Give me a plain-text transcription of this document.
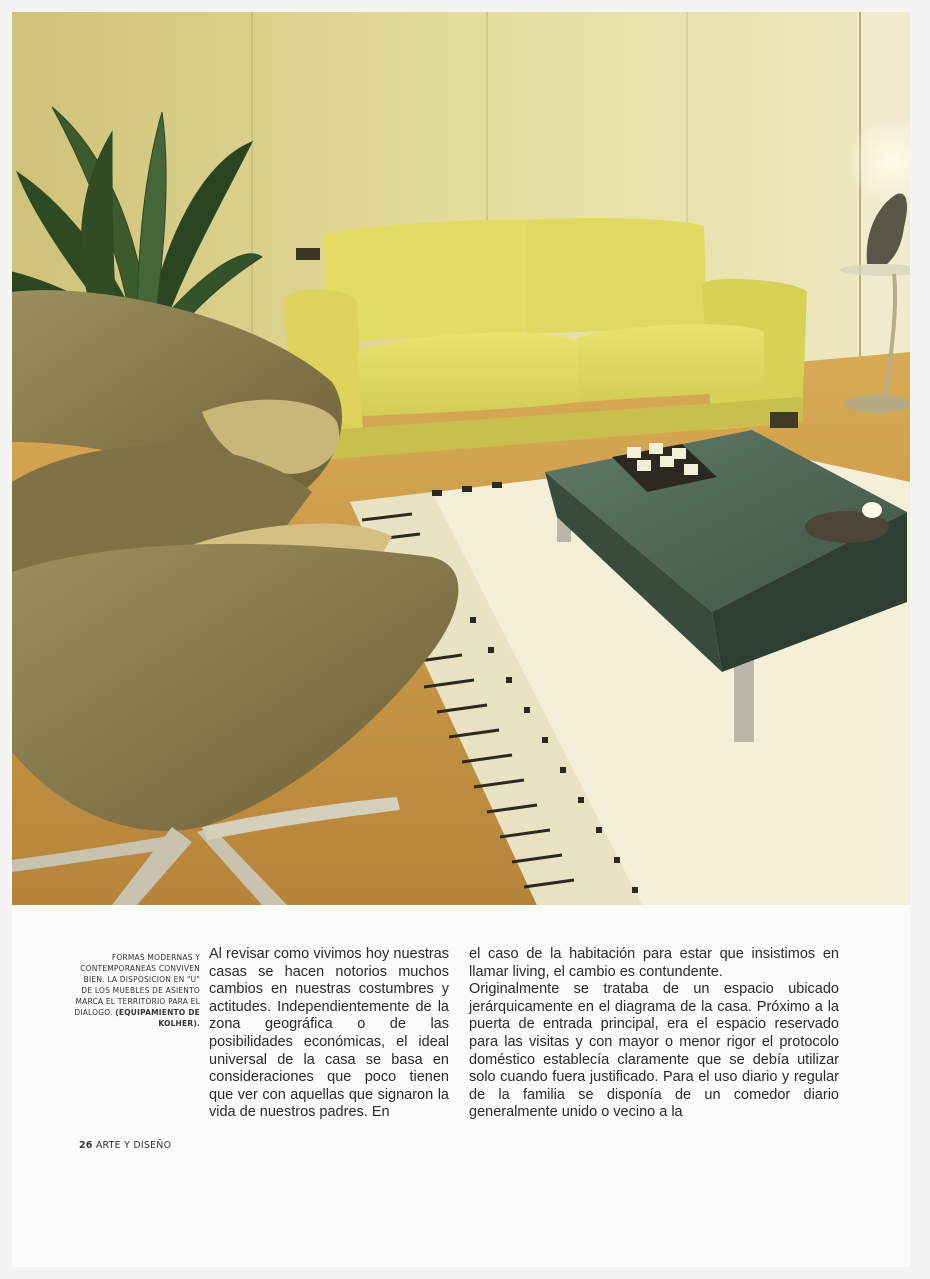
FORMAS MODERNAS Y CONTEMPORANEAS CONVIVEN BIEN. LA DISPOSICION EN "U" DE LOS MUEBLES DE ASIENTO MARCA EL TERRITORIO PARA EL DIALOGO. (EQUIPAMIENTO DE KOLHER).

Al revisar como vivimos hoy nuestras casas se hacen notorios muchos cambios en nuestras costumbres y actitudes. Independientemente de la zona geográfica o de las posibilidades económicas, el ideal universal de la casa se basa en consideraciones que poco tienen que ver con aquellas que signaron la vida de nuestros padres. En

el caso de la habitación para estar que insistimos en llamar living, el cambio es contundente.

Originalmente se trataba de un espacio ubicado jerárquicamente en el diagrama de la casa. Próximo a la puerta de entrada principal, era el espacio reservado para las visitas y con mayor o menor rigor el protocolo doméstico establecía claramente que se debía utilizar solo cuando fuera justificado. Para el uso diario y regular de la familia se disponía de un comedor diario generalmente unido o vecino a la

26 ARTE Y DISEÑO
